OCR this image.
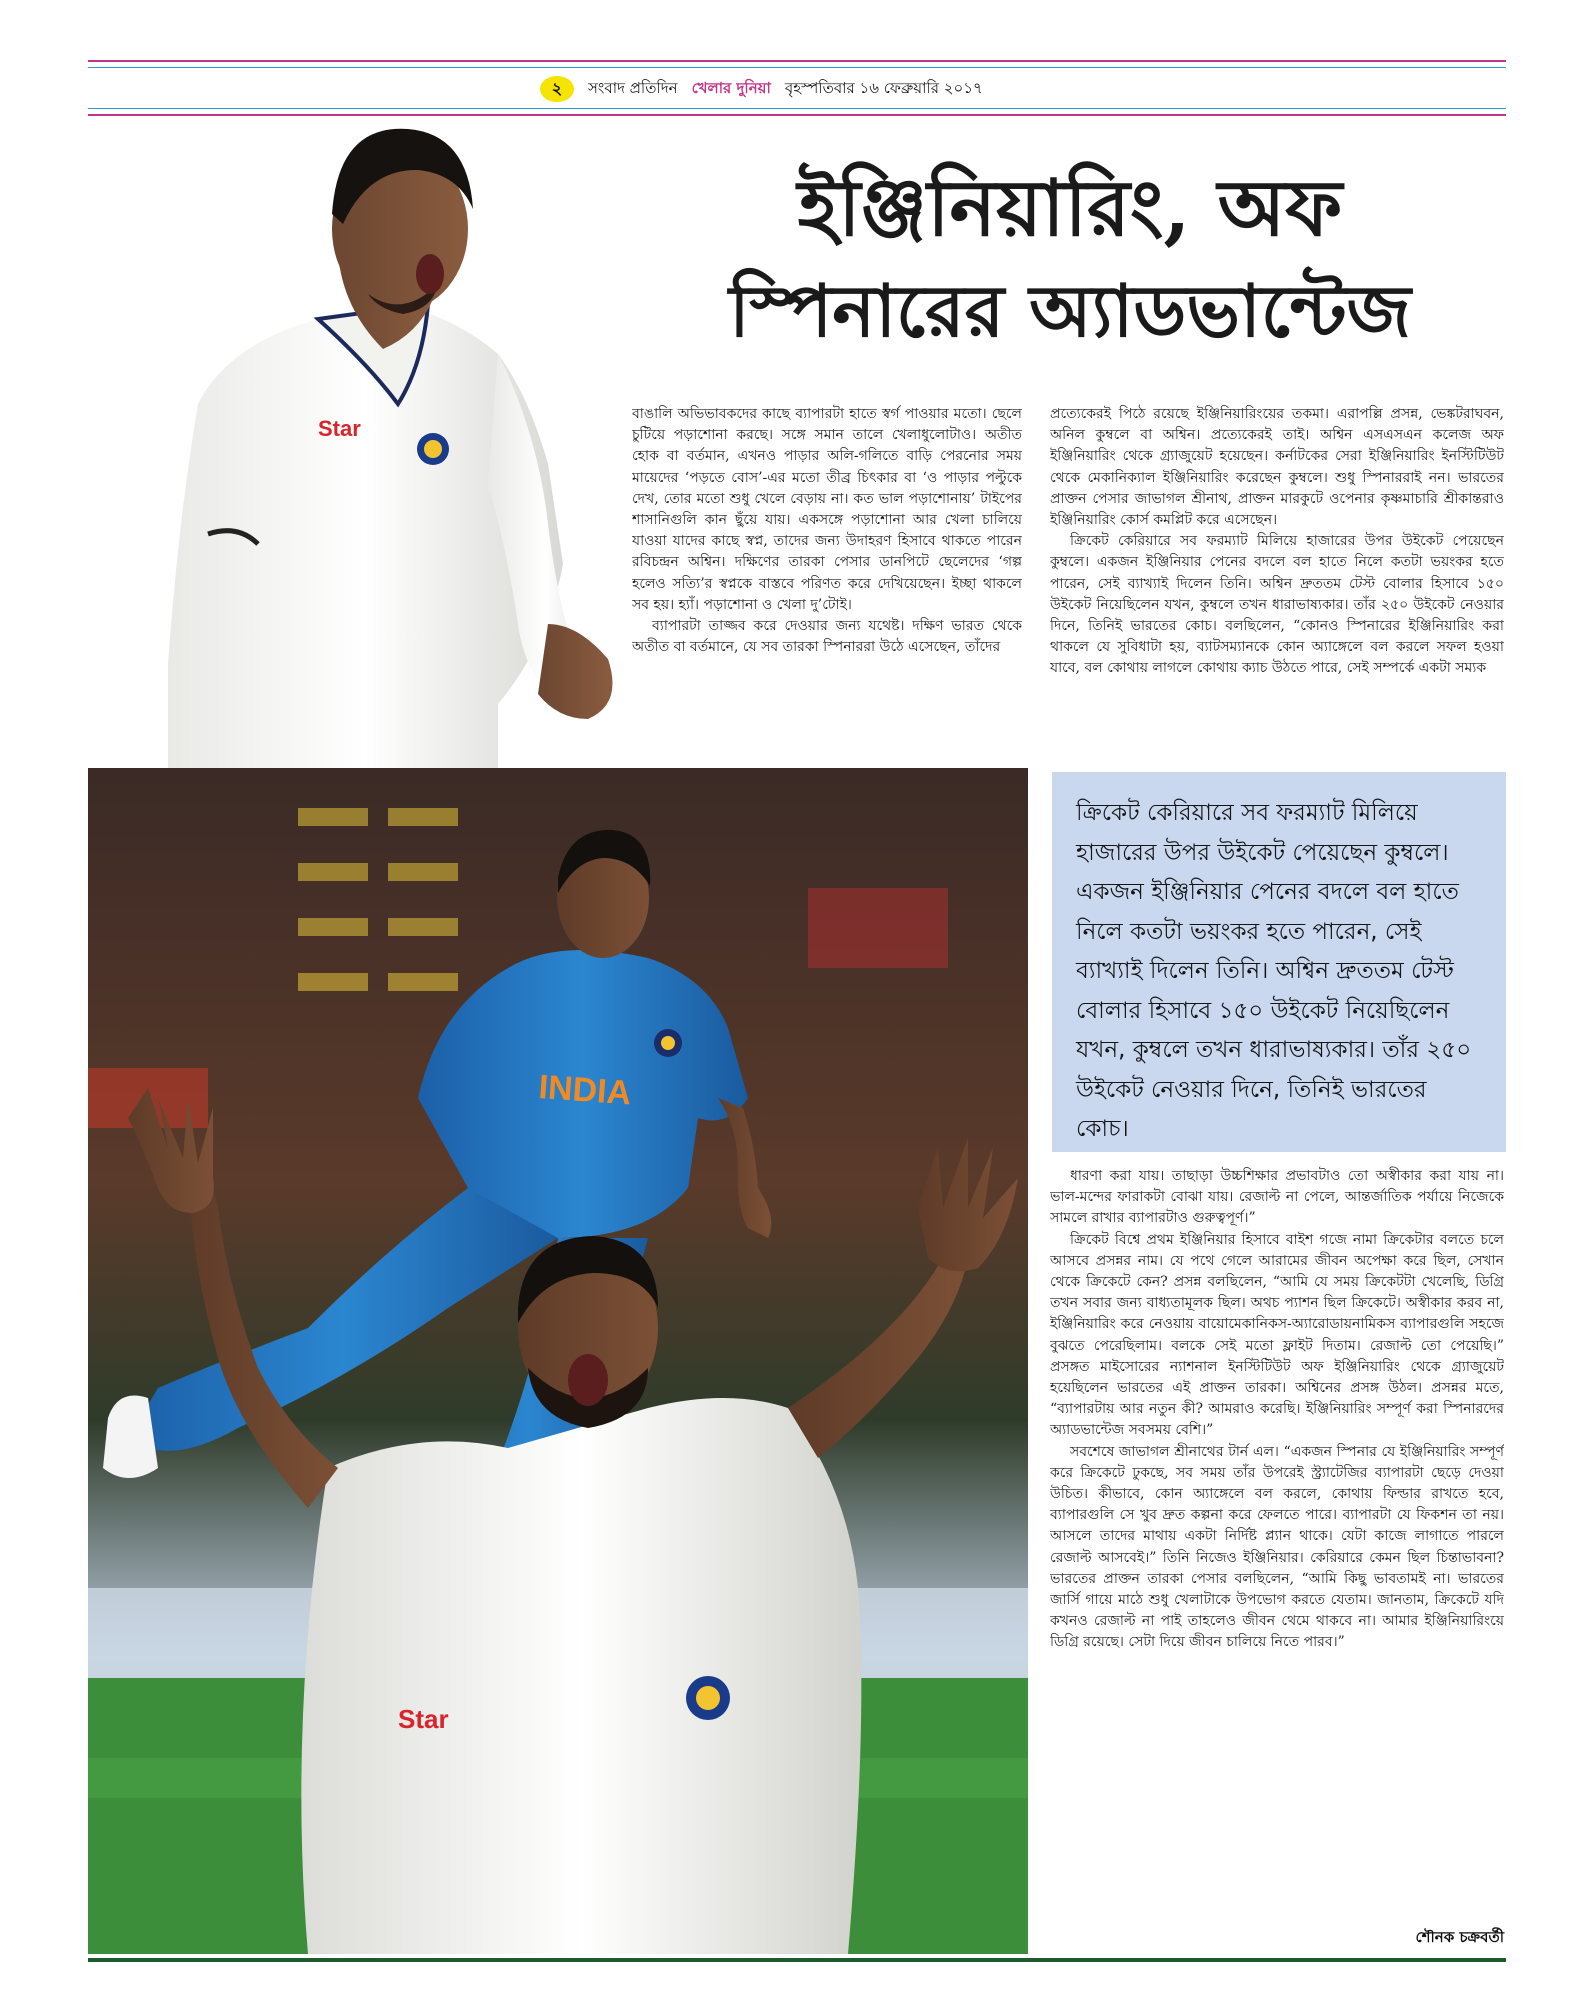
২	সংবাদ প্রতিদিন খেলার দুনিয়া বৃহস্পতিবার ১৬ ফেব্রুয়ারি ২০১৭
Star
ইঞ্জিনিয়ারিং, অফ
স্পিনারের অ্যাডভান্টেজ

বাঙালি অভিভাবকদের কাছে ব্যাপারটা হাতে স্বর্গ পাওয়ার মতো। ছেলে চুটিয়ে পড়াশোনা করছে। সঙ্গে সমান তালে খেলাধুলোটাও। অতীত হোক বা বর্তমান, এখনও পাড়ার অলি-গলিতে বাড়ি পেরনোর সময় মায়েদের ‘পড়তে বোস’-এর মতো তীব্র চিৎকার বা ‘ও পাড়ার পল্টুকে দেখ, তোর মতো শুধু খেলে বেড়ায় না। কত ভাল পড়াশোনায়’ টাইপের শাসানিগুলি কান ছুঁয়ে যায়। একসঙ্গে পড়াশোনা আর খেলা চালিয়ে যাওয়া যাদের কাছে স্বপ্ন, তাদের জন্য উদাহরণ হিসাবে থাকতে পারেন রবিচন্দ্রন অশ্বিন। দক্ষিণের তারকা পেসার ডানপিটে ছেলেদের ‘গল্প হলেও সত্যি’র স্বপ্নকে বাস্তবে পরিণত করে দেখিয়েছেন। ইচ্ছা থাকলে সব হয়। হ্যাঁ। পড়াশোনা ও খেলা দু’টোই।

ব্যাপারটা তাজ্জব করে দেওয়ার জন্য যথেষ্ট। দক্ষিণ ভারত থেকে অতীত বা বর্তমানে, যে সব তারকা স্পিনাররা উঠে এসেছেন, তাঁদের

প্রত্যেকেরই পিঠে রয়েছে ইঞ্জিনিয়ারিংয়ের তকমা। এরাপল্লি প্রসন্ন, ভেঙ্কটরাঘবন, অনিল কুম্বলে বা অশ্বিন। প্রত্যেকেরই তাই। অশ্বিন এসএসএন কলেজ অফ ইঞ্জিনিয়ারিং থেকে গ্র্যাজুয়েট হয়েছেন। কর্নাটকের সেরা ইঞ্জিনিয়ারিং ইনস্টিটিউট থেকে মেকানিক্যাল ইঞ্জিনিয়ারিং করেছেন কুম্বলে। শুধু স্পিনাররাই নন। ভারতের প্রাক্তন পেসার জাভাগল শ্রীনাথ, প্রাক্তন মারকুটে ওপেনার কৃষ্ণমাচারি শ্রীকান্তরাও ইঞ্জিনিয়ারিং কোর্স কমপ্লিট করে এসেছেন।

ক্রিকেট কেরিয়ারে সব ফরম্যাট মিলিয়ে হাজারের উপর উইকেট পেয়েছেন কুম্বলে। একজন ইঞ্জিনিয়ার পেনের বদলে বল হাতে নিলে কতটা ভয়ংকর হতে পারেন, সেই ব্যাখ্যাই দিলেন তিনি। অশ্বিন দ্রুততম টেস্ট বোলার হিসাবে ১৫০ উইকেট নিয়েছিলেন যখন, কুম্বলে তখন ধারাভাষ্যকার। তাঁর ২৫০ উইকেট নেওয়ার দিনে, তিনিই ভারতের কোচ। বলছিলেন, “কোনও স্পিনারের ইঞ্জিনিয়ারিং করা থাকলে যে সুবিধাটা হয়, ব্যাটসম্যানকে কোন অ্যাঙ্গেলে বল করলে সফল হওয়া যাবে, বল কোথায় লাগলে কোথায় ক্যাচ উঠতে পারে, সেই সম্পর্কে একটা সম্যক

INDIA
Star
ক্রিকেট কেরিয়ারে সব ফরম্যাট মিলিয়ে হাজারের উপর উইকেট পেয়েছেন কুম্বলে। একজন ইঞ্জিনিয়ার পেনের বদলে বল হাতে নিলে কতটা ভয়ংকর হতে পারেন, সেই ব্যাখ্যাই দিলেন তিনি। অশ্বিন দ্রুততম টেস্ট বোলার হিসাবে ১৫০ উইকেট নিয়েছিলেন যখন, কুম্বলে তখন ধারাভাষ্যকার। তাঁর ২৫০ উইকেট নেওয়ার দিনে, তিনিই ভারতের কোচ।

ধারণা করা যায়। তাছাড়া উচ্চশিক্ষার প্রভাবটাও তো অস্বীকার করা যায় না। ভাল-মন্দের ফারাকটা বোঝা যায়। রেজাল্ট না পেলে, আন্তর্জাতিক পর্যায়ে নিজেকে সামলে রাখার ব্যাপারটাও গুরুত্বপূর্ণ।”

ক্রিকেট বিশ্বে প্রথম ইঞ্জিনিয়ার হিসাবে বাইশ গজে নামা ক্রিকেটার বলতে চলে আসবে প্রসন্নর নাম। যে পথে গেলে আরামের জীবন অপেক্ষা করে ছিল, সেখান থেকে ক্রিকেটে কেন? প্রসন্ন বলছিলেন, “আমি যে সময় ক্রিকেটটা খেলেছি, ডিগ্রি তখন সবার জন্য বাধ্যতামূলক ছিল। অথচ প্যাশন ছিল ক্রিকেটে। অস্বীকার করব না, ইঞ্জিনিয়ারিং করে নেওয়ায় বায়োমেকানিকস-অ্যারোডায়নামিকস ব্যাপারগুলি সহজে বুঝতে পেরেছিলাম। বলকে সেই মতো ফ্লাইট দিতাম। রেজাল্ট তো পেয়েছি।” প্রসঙ্গত মাইসোরের ন্যাশনাল ইনস্টিটিউট অফ ইঞ্জিনিয়ারিং থেকে গ্র্যাজুয়েট হয়েছিলেন ভারতের এই প্রাক্তন তারকা। অশ্বিনের প্রসঙ্গ উঠল। প্রসন্নর মতে, “ব্যাপারটায় আর নতুন কী? আমরাও করেছি। ইঞ্জিনিয়ারিং সম্পূর্ণ করা স্পিনারদের অ্যাডভান্টেজ সবসময় বেশি।”

সবশেষে জাভাগল শ্রীনাথের টার্ন এল। “একজন স্পিনার যে ইঞ্জিনিয়ারিং সম্পূর্ণ করে ক্রিকেটে ঢুকছে, সব সময় তাঁর উপরেই স্ট্র্যাটেজির ব্যাপারটা ছেড়ে দেওয়া উচিত। কীভাবে, কোন অ্যাঙ্গেলে বল করলে, কোথায় ফিল্ডার রাখতে হবে, ব্যাপারগুলি সে খুব দ্রুত কল্পনা করে ফেলতে পারে। ব্যাপারটা যে ফিকশন তা নয়। আসলে তাদের মাথায় একটা নির্দিষ্ট প্ল্যান থাকে। যেটা কাজে লাগাতে পারলে রেজাল্ট আসবেই।” তিনি নিজেও ইঞ্জিনিয়ার। কেরিয়ারে কেমন ছিল চিন্তাভাবনা? ভারতের প্রাক্তন তারকা পেসার বলছিলেন, “আমি কিছু ভাবতামই না। ভারতের জার্সি গায়ে মাঠে শুধু খেলাটাকে উপভোগ করতে যেতাম। জানতাম, ক্রিকেটে যদি কখনও রেজাল্ট না পাই তাহলেও জীবন থেমে থাকবে না। আমার ইঞ্জিনিয়ারিংয়ে ডিগ্রি রয়েছে। সেটা দিয়ে জীবন চালিয়ে নিতে পারব।”

শৌনক চক্রবর্তী
